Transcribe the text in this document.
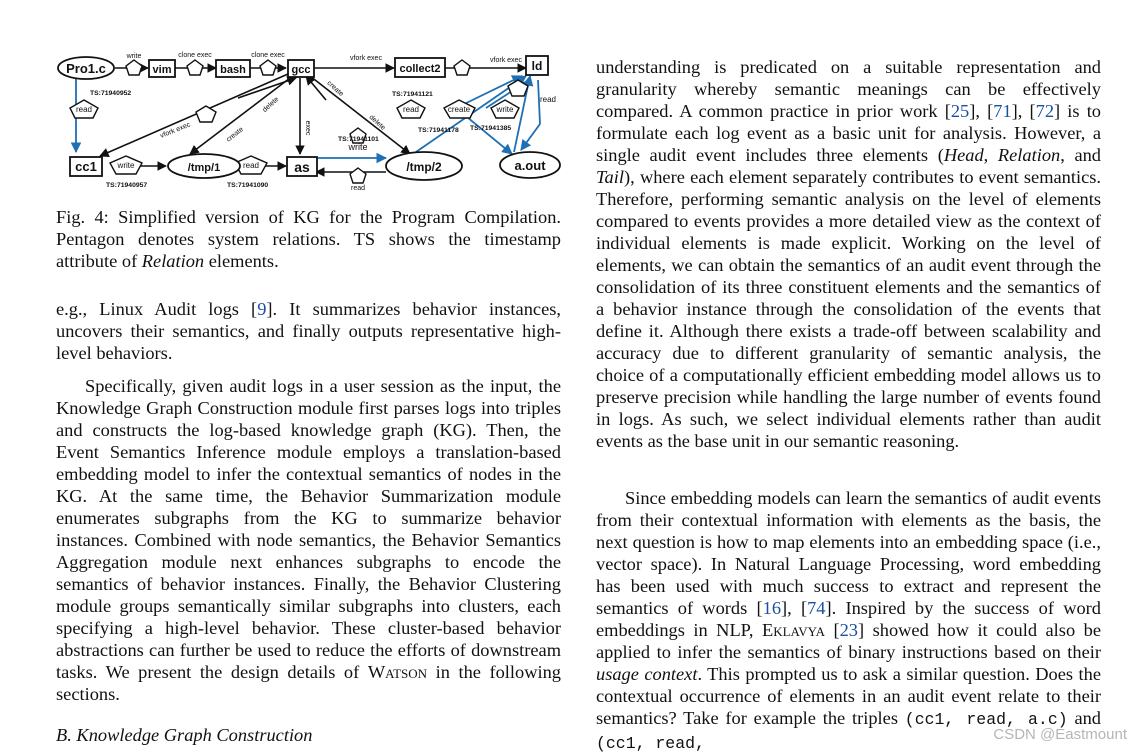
Pro1.c	vim	bash	gcc	collect2	ld
cc1	/tmp/1	as	/tmp/2	a.out
write	clone exec	clone exec	vfork exec	vfork exec
vfork exec
read
read
read
read
read
write
write
write
create
create
create
delete
delete
exec
TS:71940952
TS:71940957	TS:71941090
TS:71941101
TS:71941121
TS:71941178 TS:71941385

Fig. 4: Simplified version of KG for the Program Compilation. Pentagon denotes system relations. TS shows the timestamp attribute of Relation elements.

e.g., Linux Audit logs [9]. It summarizes behavior instances, uncovers their semantics, and finally outputs representative high-level behaviors.

Specifically, given audit logs in a user session as the input, the Knowledge Graph Construction module first parses logs into triples and constructs the log-based knowledge graph (KG). Then, the Event Semantics Inference module employs a translation-based embedding model to infer the contextual semantics of nodes in the KG. At the same time, the Behavior Summarization module enumerates subgraphs from the KG to summarize behavior instances. Combined with node semantics, the Behavior Semantics Aggregation module next enhances subgraphs to encode the semantics of behavior instances. Finally, the Behavior Clustering module groups semantically similar subgraphs into clusters, each specifying a high-level behavior. These cluster-based behavior abstractions can further be used to reduce the efforts of downstream tasks. We present the design details of Watson in the following sections.

B. Knowledge Graph Construction

understanding is predicated on a suitable representation and granularity whereby semantic meanings can be effectively compared. A common practice in prior work [25], [71], [72] is to formulate each log event as a basic unit for analysis. However, a single audit event includes three elements (Head, Relation, and Tail), where each element separately contributes to event semantics. Therefore, performing semantic analysis on the level of elements compared to events provides a more detailed view as the context of individual elements is made explicit. Working on the level of elements, we can obtain the semantics of an audit event through the consolidation of its three constituent elements and the semantics of a behavior instance through the consolidation of the events that define it. Although there exists a trade-off between scalability and accuracy due to different granularity of semantic analysis, the choice of a computationally efficient embedding model allows us to preserve precision while handling the large number of events found in logs. As such, we select individual elements rather than audit events as the base unit in our semantic reasoning.

Since embedding models can learn the semantics of audit events from their contextual information with elements as the basis, the next question is how to map elements into an embedding space (i.e., vector space). In Natural Language Processing, word embedding has been used with much success to extract and represent the semantics of words [16], [74]. Inspired by the success of word embeddings in NLP, Eklavya [23] showed how it could also be applied to infer the semantics of binary instructions based on their usage context. This prompted us to ask a similar question. Does the contextual occurrence of elements in an audit event relate to their semantics? Take for example the triples (cc1, read, a.c) and (cc1, read,	CSDN @Eastmount
